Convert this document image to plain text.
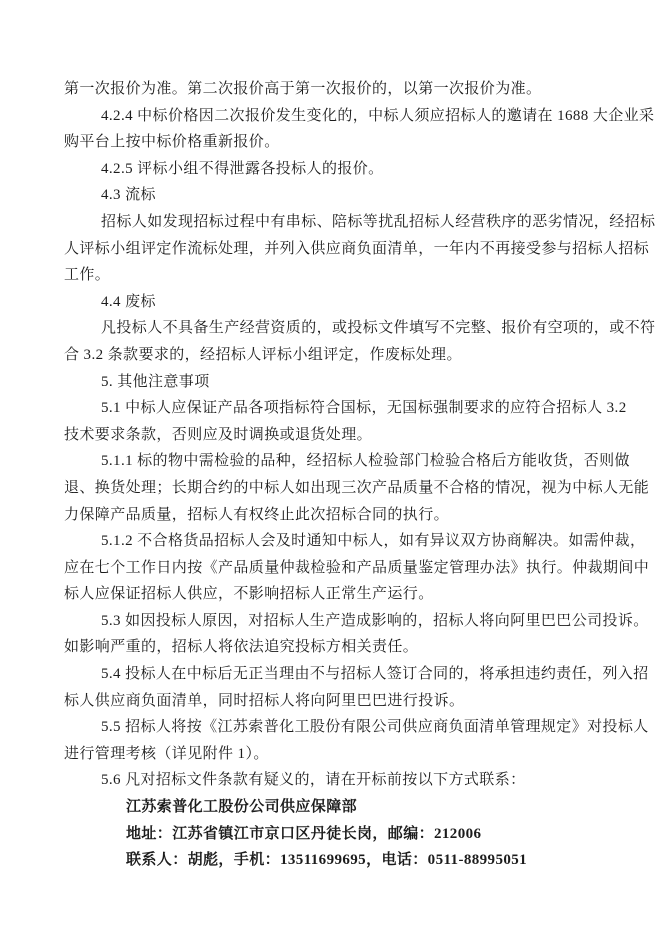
第一次报价为准。第二次报价高于第一次报价的，以第一次报价为准。
4.2.4 中标价格因二次报价发生变化的，中标人须应招标人的邀请在 1688 大企业采
购平台上按中标价格重新报价。
4.2.5 评标小组不得泄露各投标人的报价。
4.3 流标
招标人如发现招标过程中有串标、陪标等扰乱招标人经营秩序的恶劣情况，经招标
人评标小组评定作流标处理，并列入供应商负面清单，一年内不再接受参与招标人招标
工作。
4.4 废标
凡投标人不具备生产经营资质的，或投标文件填写不完整、报价有空项的，或不符
合 3.2 条款要求的，经招标人评标小组评定，作废标处理。
5. 其他注意事项
5.1 中标人应保证产品各项指标符合国标，无国标强制要求的应符合招标人 3.2
技术要求条款，否则应及时调换或退货处理。
5.1.1 标的物中需检验的品种，经招标人检验部门检验合格后方能收货，否则做
退、换货处理；长期合约的中标人如出现三次产品质量不合格的情况，视为中标人无能
力保障产品质量，招标人有权终止此次招标合同的执行。
5.1.2 不合格货品招标人会及时通知中标人，如有异议双方协商解决。如需仲裁，
应在七个工作日内按《产品质量仲裁检验和产品质量鉴定管理办法》执行。仲裁期间中
标人应保证招标人供应，不影响招标人正常生产运行。
5.3 如因投标人原因，对招标人生产造成影响的，招标人将向阿里巴巴公司投诉。
如影响严重的，招标人将依法追究投标方相关责任。
5.4 投标人在中标后无正当理由不与招标人签订合同的，将承担违约责任，列入招
标人供应商负面清单，同时招标人将向阿里巴巴进行投诉。
5.5 招标人将按《江苏索普化工股份有限公司供应商负面清单管理规定》对投标人
进行管理考核（详见附件 1）。
5.6 凡对招标文件条款有疑义的，请在开标前按以下方式联系：
江苏索普化工股份公司供应保障部
地址：江苏省镇江市京口区丹徒长岗，邮编：212006
联系人：胡彪，手机：13511699695，电话：0511-88995051
